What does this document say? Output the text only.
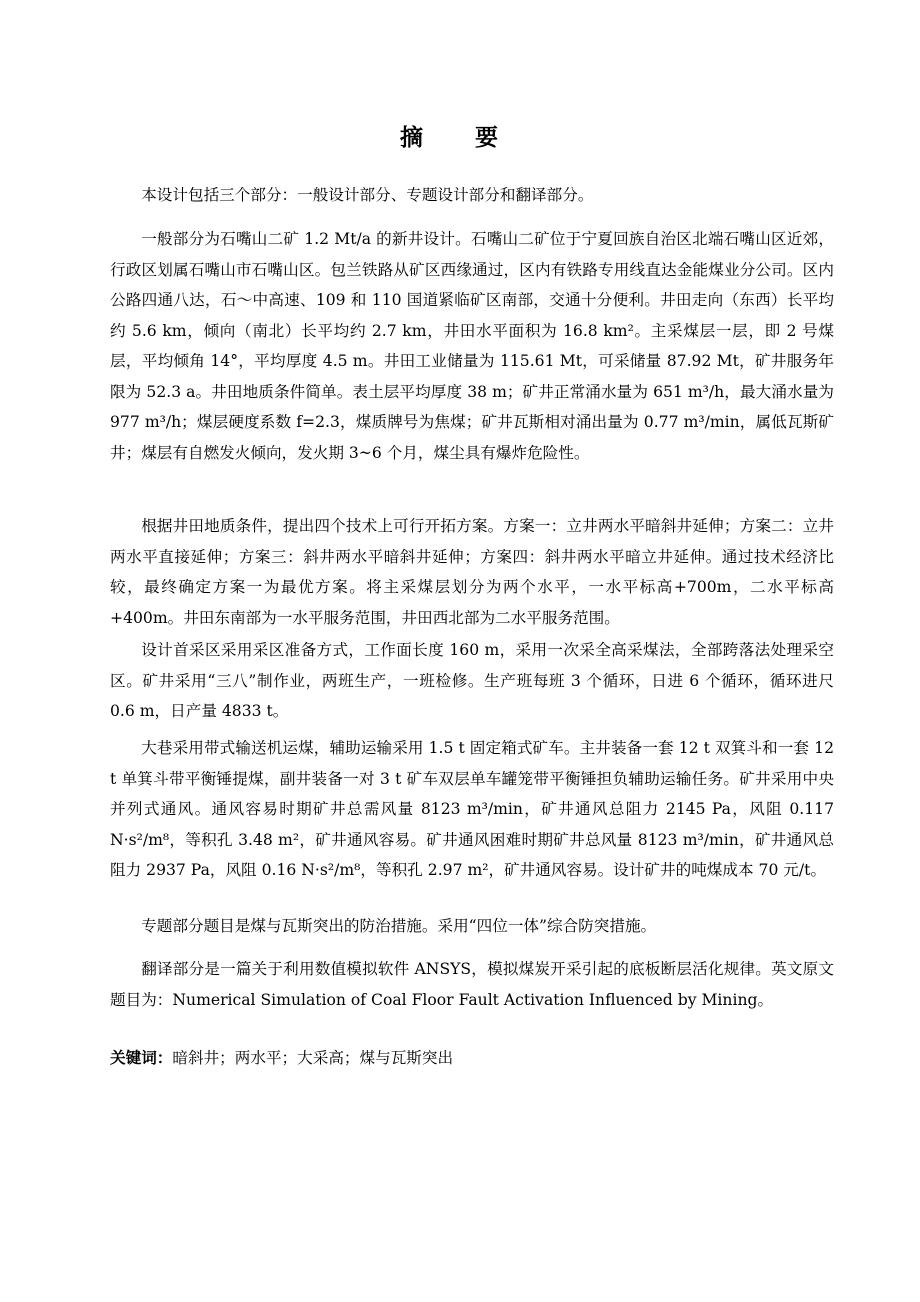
摘 要

本设计包括三个部分：一般设计部分、专题设计部分和翻译部分。

一般部分为石嘴山二矿 1.2 Mt/a 的新井设计。石嘴山二矿位于宁夏回族自治区北端石嘴山区近郊，行政区划属石嘴山市石嘴山区。包兰铁路从矿区西缘通过，区内有铁路专用线直达金能煤业分公司。区内公路四通八达，石～中高速、109 和 110 国道紧临矿区南部，交通十分便利。井田走向（东西）长平均约 5.6 km，倾向（南北）长平均约 2.7 km，井田水平面积为 16.8 km²。主采煤层一层，即 2 号煤层，平均倾角 14°，平均厚度 4.5 m。井田工业储量为 115.61 Mt，可采储量 87.92 Mt，矿井服务年限为 52.3 a。井田地质条件简单。表土层平均厚度 38 m；矿井正常涌水量为 651 m³/h，最大涌水量为 977 m³/h；煤层硬度系数 f=2.3，煤质牌号为焦煤；矿井瓦斯相对涌出量为 0.77 m³/min，属低瓦斯矿井；煤层有自燃发火倾向，发火期 3~6 个月，煤尘具有爆炸危险性。

根据井田地质条件，提出四个技术上可行开拓方案。方案一：立井两水平暗斜井延伸；方案二：立井两水平直接延伸；方案三：斜井两水平暗斜井延伸；方案四：斜井两水平暗立井延伸。通过技术经济比较，最终确定方案一为最优方案。将主采煤层划分为两个水平，一水平标高+700m，二水平标高+400m。井田东南部为一水平服务范围，井田西北部为二水平服务范围。

设计首采区采用采区准备方式，工作面长度 160 m，采用一次采全高采煤法，全部跨落法处理采空区。矿井采用“三八”制作业，两班生产，一班检修。生产班每班 3 个循环，日进 6 个循环，循环进尺 0.6 m，日产量 4833 t。

大巷采用带式输送机运煤，辅助运输采用 1.5 t 固定箱式矿车。主井装备一套 12 t 双箕斗和一套 12 t 单箕斗带平衡锤提煤，副井装备一对 3 t 矿车双层单车罐笼带平衡锤担负辅助运输任务。矿井采用中央并列式通风。通风容易时期矿井总需风量 8123 m³/min，矿井通风总阻力 2145 Pa，风阻 0.117 N·s²/m⁸，等积孔 3.48 m²，矿井通风容易。矿井通风困难时期矿井总风量 8123 m³/min，矿井通风总阻力 2937 Pa，风阻 0.16 N·s²/m⁸，等积孔 2.97 m²，矿井通风容易。设计矿井的吨煤成本 70 元/t。

专题部分题目是煤与瓦斯突出的防治措施。采用“四位一体”综合防突措施。

翻译部分是一篇关于利用数值模拟软件 ANSYS，模拟煤炭开采引起的底板断层活化规律。英文原文题目为：Numerical Simulation of Coal Floor Fault Activation Influenced by Mining。

关键词：暗斜井；两水平；大采高；煤与瓦斯突出
